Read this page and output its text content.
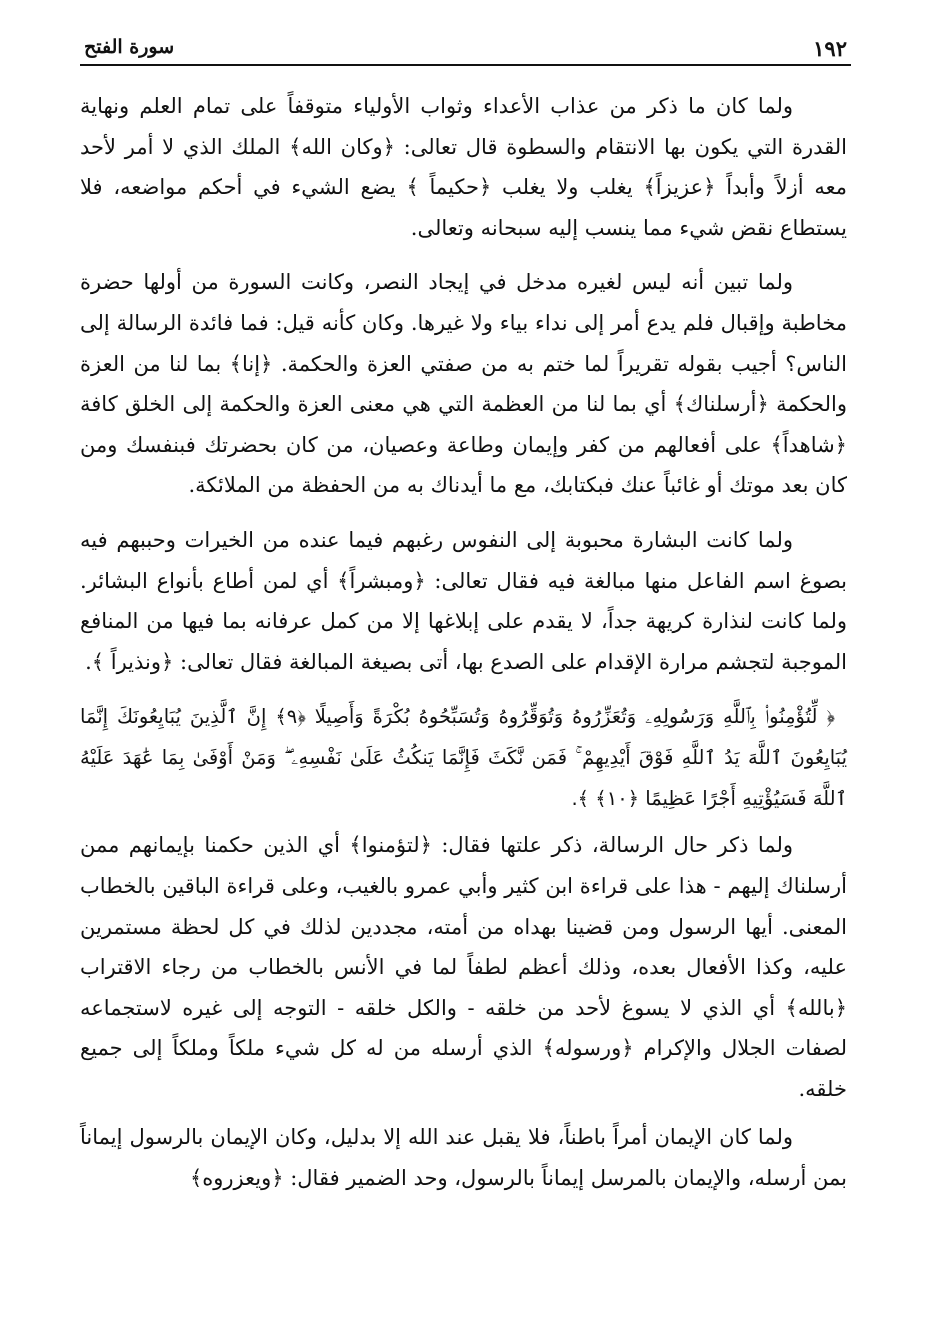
١٩٢
سورة الفتح

ولما كان ما ذكر من عذاب الأعداء وثواب الأولياء متوقفاً على تمام العلم ونهاية القدرة التي يكون بها الانتقام والسطوة قال تعالى: ﴿وكان الله﴾ الملك الذي لا أمر لأحد معه أزلاً وأبداً ﴿عزيزاً﴾ يغلب ولا يغلب ﴿حكيماً ﴾ يضع الشيء في أحكم مواضعه، فلا يستطاع نقض شيء مما ينسب إليه سبحانه وتعالى.

ولما تبين أنه ليس لغيره مدخل في إيجاد النصر، وكانت السورة من أولها حضرة مخاطبة وإقبال فلم يدع أمر إلى نداء بياء ولا غيرها. وكان كأنه قيل: فما فائدة الرسالة إلى الناس؟ أجيب بقوله تقريراً لما ختم به من صفتي العزة والحكمة. ﴿إنا﴾ بما لنا من العزة والحكمة ﴿أرسلناك﴾ أي بما لنا من العظمة التي هي معنى العزة والحكمة إلى الخلق كافة ﴿شاهداً﴾ على أفعالهم من كفر وإيمان وطاعة وعصيان، من كان بحضرتك فبنفسك ومن كان بعد موتك أو غائباً عنك فبكتابك، مع ما أيدناك به من الحفظة من الملائكة.

ولما كانت البشارة محبوبة إلى النفوس رغبهم فيما عنده من الخيرات وحببهم فيه بصوغ اسم الفاعل منها مبالغة فيه فقال تعالى: ﴿ومبشراً﴾ أي لمن أطاع بأنواع البشائر. ولما كانت لنذارة كريهة جداً، لا يقدم على إبلاغها إلا من كمل عرفانه بما فيها من المنافع الموجبة لتجشم مرارة الإقدام على الصدع بها، أتى بصيغة المبالغة فقال تعالى: ﴿ونذيراً ﴾.

﴿ لِّتُؤْمِنُوا۟ بِٱللَّهِ وَرَسُولِهِۦ وَتُعَزِّرُوهُ وَتُوَقِّرُوهُ وَتُسَبِّحُوهُ بُكْرَةً وَأَصِيلًا ﴿٩﴾ إِنَّ ٱلَّذِينَ يُبَايِعُونَكَ إِنَّمَا يُبَايِعُونَ ٱللَّهَ يَدُ ٱللَّهِ فَوْقَ أَيْدِيهِمْ ۚ فَمَن نَّكَثَ فَإِنَّمَا يَنكُثُ عَلَىٰ نَفْسِهِۦ ۖ وَمَنْ أَوْفَىٰ بِمَا عَٰهَدَ عَلَيْهُ ٱللَّهَ فَسَيُؤْتِيهِ أَجْرًا عَظِيمًا ﴿١٠﴾ ﴾.

ولما ذكر حال الرسالة، ذكر علتها فقال: ﴿لتؤمنوا﴾ أي الذين حكمنا بإيمانهم ممن أرسلناك إليهم - هذا على قراءة ابن كثير وأبي عمرو بالغيب، وعلى قراءة الباقين بالخطاب المعنى. أيها الرسول ومن قضينا بهداه من أمته، مجددين لذلك في كل لحظة مستمرين عليه، وكذا الأفعال بعده، وذلك أعظم لطفاً لما في الأنس بالخطاب من رجاء الاقتراب ﴿بالله﴾ أي الذي لا يسوغ لأحد من خلقه - والكل خلقه - التوجه إلى غيره لاستجماعه لصفات الجلال والإكرام ﴿ورسوله﴾ الذي أرسله من له كل شيء ملكاً وملكاً إلى جميع خلقه.

ولما كان الإيمان أمراً باطناً، فلا يقبل عند الله إلا بدليل، وكان الإيمان بالرسول إيماناً بمن أرسله، والإيمان بالمرسل إيماناً بالرسول، وحد الضمير فقال: ﴿ويعزروه﴾
